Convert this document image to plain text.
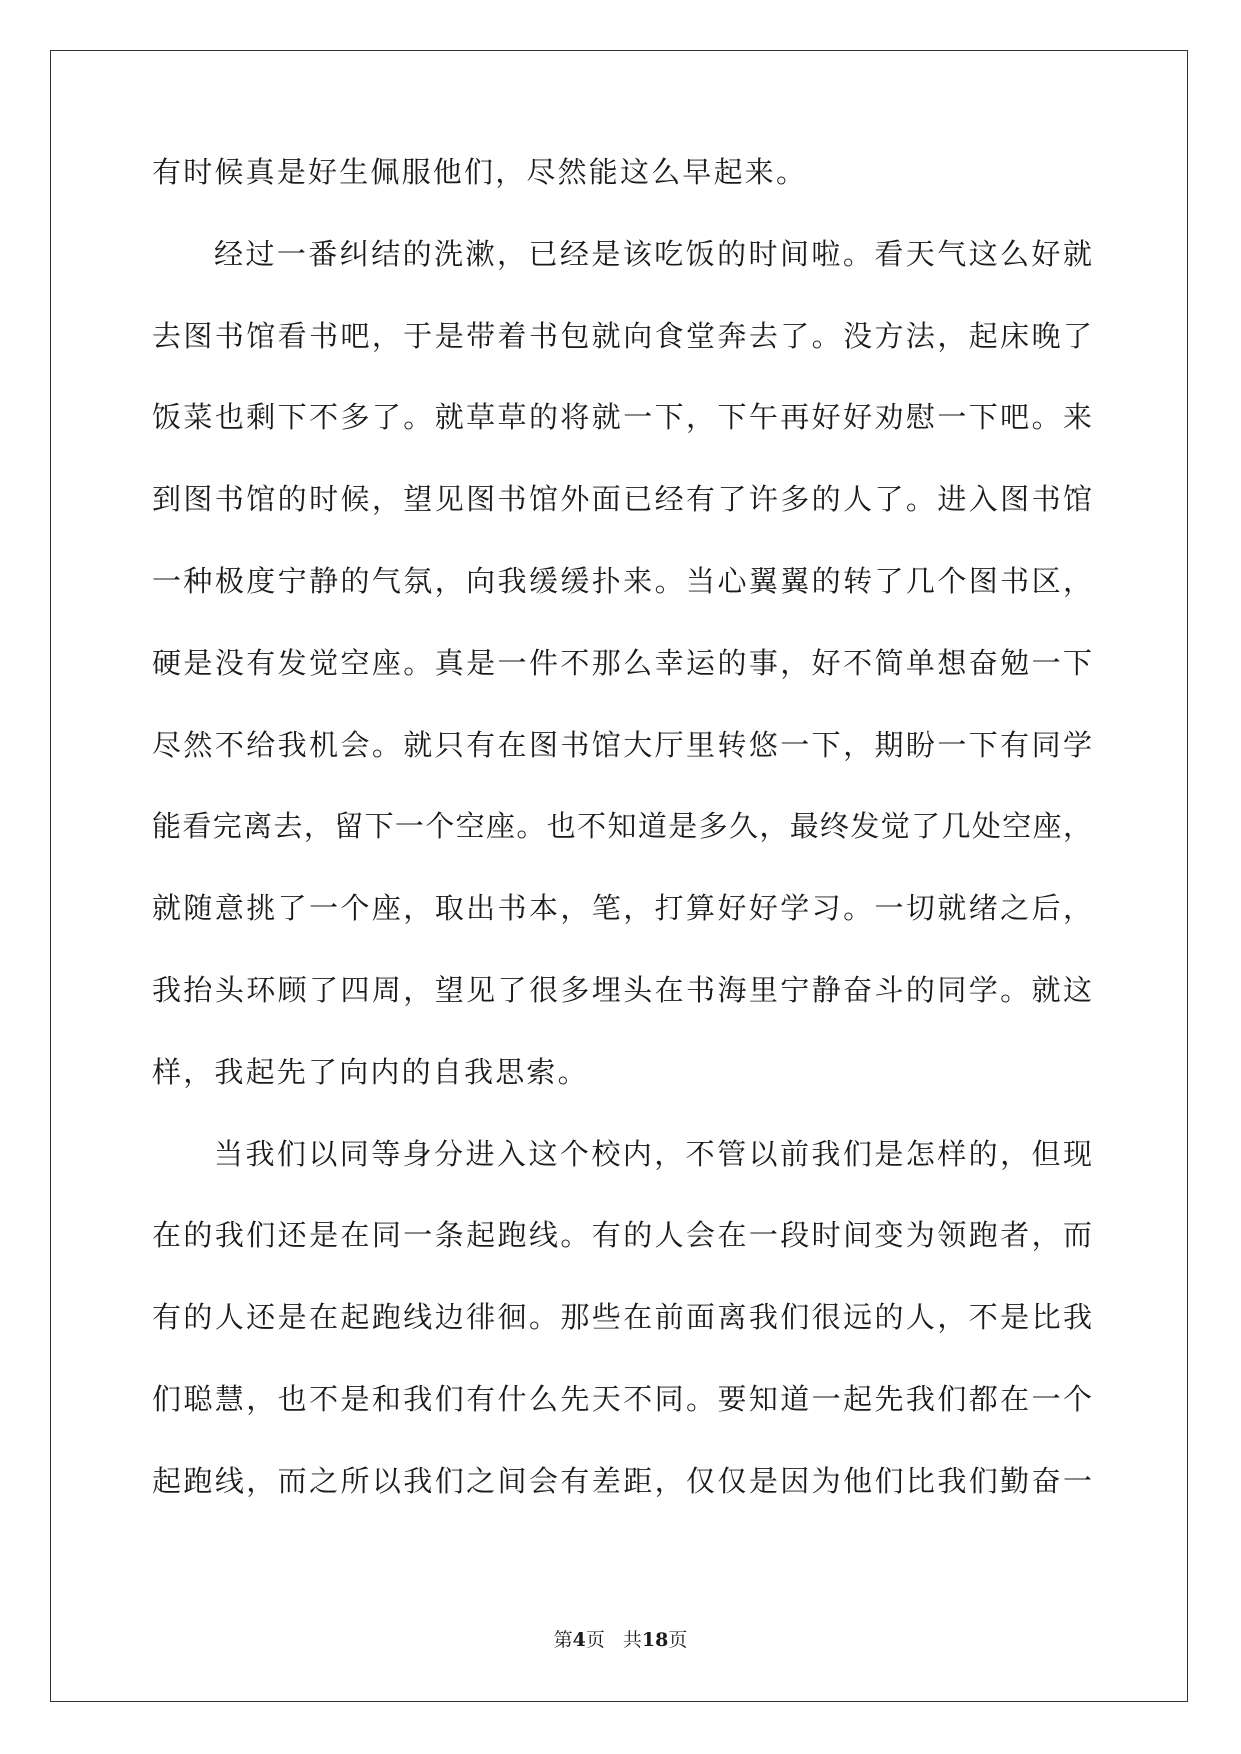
有时候真是好生佩服他们，尽然能这么早起来。
经过一番纠结的洗漱，已经是该吃饭的时间啦。看天气这么好就
去图书馆看书吧，于是带着书包就向食堂奔去了。没方法，起床晚了
饭菜也剩下不多了。就草草的将就一下，下午再好好劝慰一下吧。来
到图书馆的时候，望见图书馆外面已经有了许多的人了。进入图书馆
一种极度宁静的气氛，向我缓缓扑来。当心翼翼的转了几个图书区，
硬是没有发觉空座。真是一件不那么幸运的事，好不简单想奋勉一下
尽然不给我机会。就只有在图书馆大厅里转悠一下，期盼一下有同学
能看完离去，留下一个空座。也不知道是多久，最终发觉了几处空座，
就随意挑了一个座，取出书本，笔，打算好好学习。一切就绪之后，
我抬头环顾了四周，望见了很多埋头在书海里宁静奋斗的同学。就这
样，我起先了向内的自我思索。
当我们以同等身分进入这个校内，不管以前我们是怎样的，但现
在的我们还是在同一条起跑线。有的人会在一段时间变为领跑者，而
有的人还是在起跑线边徘徊。那些在前面离我们很远的人，不是比我
们聪慧，也不是和我们有什么先天不同。要知道一起先我们都在一个
起跑线，而之所以我们之间会有差距，仅仅是因为他们比我们勤奋一
第4页 共18页
